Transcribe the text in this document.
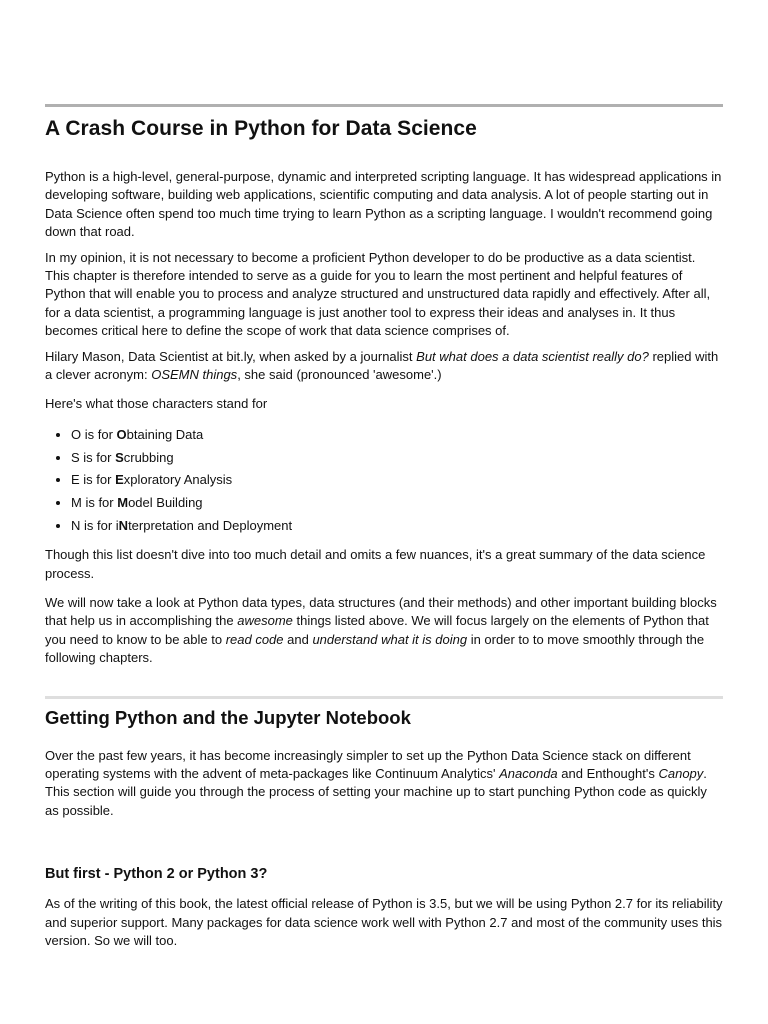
A Crash Course in Python for Data Science

Python is a high-level, general-purpose, dynamic and interpreted scripting language. It has widespread applications in developing software, building web applications, scientific computing and data analysis. A lot of people starting out in Data Science often spend too much time trying to learn Python as a scripting language. I wouldn't recommend going down that road.

In my opinion, it is not necessary to become a proficient Python developer to do be productive as a data scientist. This chapter is therefore intended to serve as a guide for you to learn the most pertinent and helpful features of Python that will enable you to process and analyze structured and unstructured data rapidly and effectively. After all, for a data scientist, a programming language is just another tool to express their ideas and analyses in. It thus becomes critical here to define the scope of work that data science comprises of.

Hilary Mason, Data Scientist at bit.ly, when asked by a journalist But what does a data scientist really do? replied with a clever acronym: OSEMN things, she said (pronounced 'awesome'.)

Here's what those characters stand for

• O is for Obtaining Data
• S is for Scrubbing
• E is for Exploratory Analysis
• M is for Model Building
• N is for iNterpretation and Deployment

Though this list doesn't dive into too much detail and omits a few nuances, it's a great summary of the data science process.

We will now take a look at Python data types, data structures (and their methods) and other important building blocks that help us in accomplishing the awesome things listed above. We will focus largely on the elements of Python that you need to know to be able to read code and understand what it is doing in order to to move smoothly through the following chapters.

Getting Python and the Jupyter Notebook

Over the past few years, it has become increasingly simpler to set up the Python Data Science stack on different operating systems with the advent of meta-packages like Continuum Analytics' Anaconda and Enthought's Canopy. This section will guide you through the process of setting your machine up to start punching Python code as quickly as possible.

But first - Python 2 or Python 3?

As of the writing of this book, the latest official release of Python is 3.5, but we will be using Python 2.7 for its reliability and superior support. Many packages for data science work well with Python 2.7 and most of the community uses this version. So we will too.
